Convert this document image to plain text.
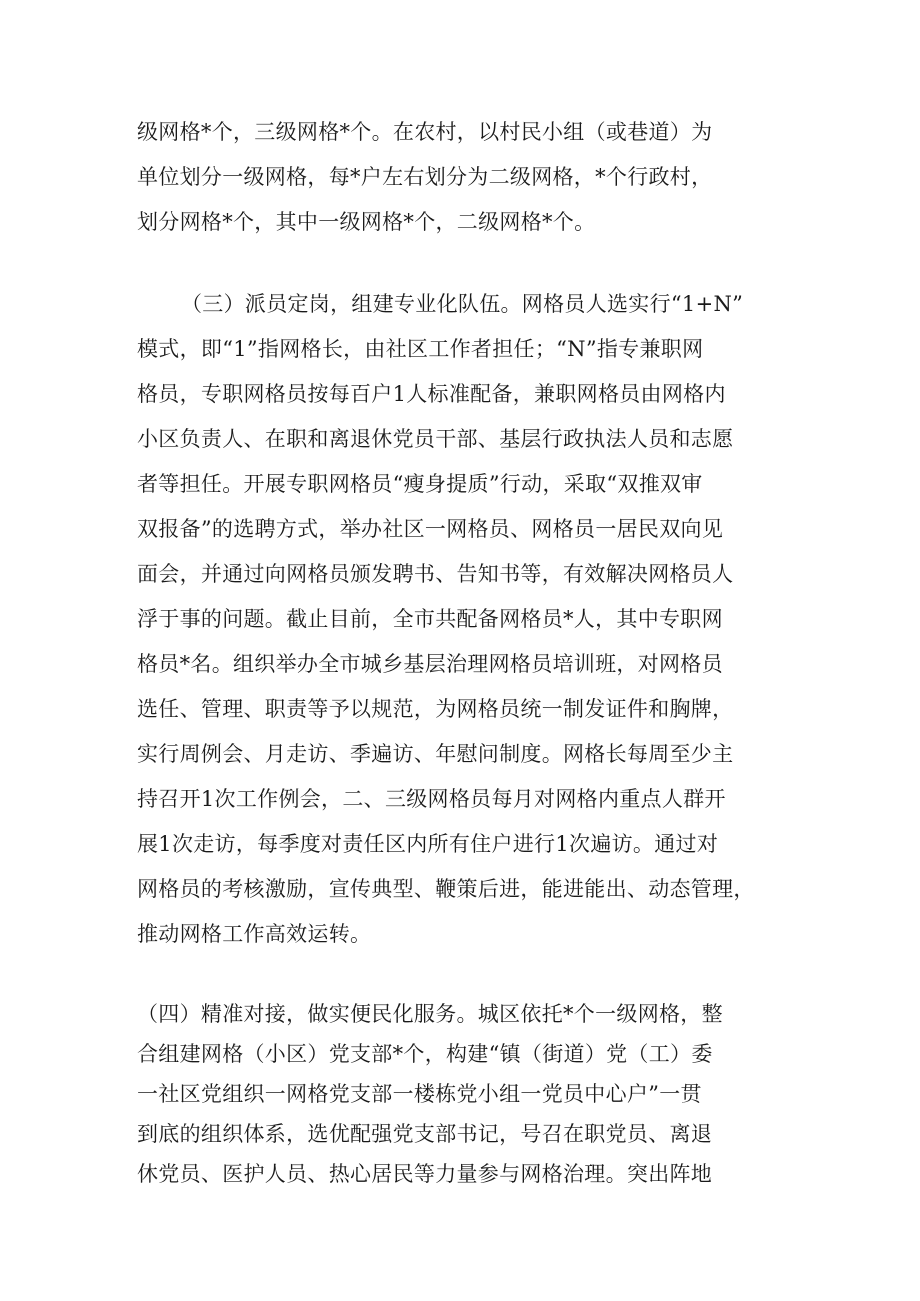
级网格*个，三级网格*个。在农村，以村民小组（或巷道）为
单位划分一级网格，每*户左右划分为二级网格，*个行政村，
划分网格*个，其中一级网格*个，二级网格*个。
（三）派员定岗，组建专业化队伍。网格员人选实行“1+N”
模式，即“1”指网格长，由社区工作者担任；“N”指专兼职网
格员，专职网格员按每百户1人标准配备，兼职网格员由网格内
小区负责人、在职和离退休党员干部、基层行政执法人员和志愿
者等担任。开展专职网格员“瘦身提质”行动，采取“双推双审
双报备”的选聘方式，举办社区一网格员、网格员一居民双向见
面会，并通过向网格员颁发聘书、告知书等，有效解决网格员人
浮于事的问题。截止目前，全市共配备网格员*人，其中专职网
格员*名。组织举办全市城乡基层治理网格员培训班，对网格员
选任、管理、职责等予以规范，为网格员统一制发证件和胸牌，
实行周例会、月走访、季遍访、年慰问制度。网格长每周至少主
持召开1次工作例会，二、三级网格员每月对网格内重点人群开
展1次走访，每季度对责任区内所有住户进行1次遍访。通过对
网格员的考核激励，宣传典型、鞭策后进，能进能出、动态管理，
推动网格工作高效运转。
（四）精准对接，做实便民化服务。城区依托*个一级网格，整
合组建网格（小区）党支部*个，构建“镇（街道）党（工）委
一社区党组织一网格党支部一楼栋党小组一党员中心户”一贯
到底的组织体系，选优配强党支部书记，号召在职党员、离退
休党员、医护人员、热心居民等力量参与网格治理。突出阵地
